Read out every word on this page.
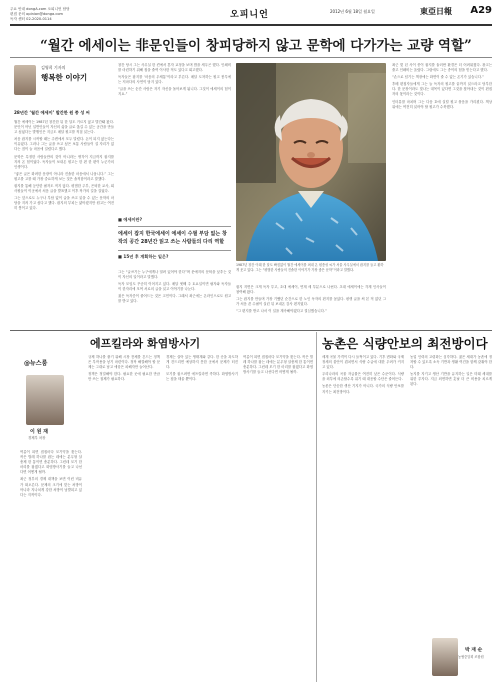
주요 안내 dongA.com 오피니언 담당
편집 문의 opinion@donga.com
독자 센터 02-2020-0114	오피니언	2012년 6월 18일 월요일	東亞日報 A29
“월간 에세이는 非문인들이 창피당하지 않고 문학에 다가가는 교량 역할”
김영희 기자의
행복한 이야기
28년간 ‘월간 에세이’ 발간한 원 종 성 씨

월간 에세이는 1987년 창간한 뒤 한 달도 거르지 않고 발간돼 왔다. 문인이 아닌 일반인들이 자신의 삶을 글로 옮길 수 있는 공간을 만들고 싶었다는 발행인은 지금도 매달 원고를 직접 읽는다.

처음 잡지를 시작할 때는 주변에서 모두 말렸다. 돈이 되지 않는다는 이유였다. 그러나 그는 글을 쓰고 싶은 보통 사람들이 설 자리가 없다는 점이 늘 마음에 걸렸다고 했다.

문학은 특정한 사람들만의 것이 아니라는 생각이 지금까지 잡지를 지켜 온 힘이었다. 독자들이 보내온 원고는 한 편 한 편이 누군가의 인생이다.

“좋은 글은 화려한 문장이 아니라 진솔한 마음에서 나옵니다.” 그는 원고를 고를 때 가장 중요하게 보는 것은 솔직함이라고 말했다.

잡지를 통해 등단한 필자도 적지 않다. 평범한 주부, 은퇴한 교사, 회사원들이 이곳에서 처음 글을 발표했고 이후 작가의 길을 걸었다.

그는 앞으로도 누구나 부담 없이 글을 쓰고 읽을 수 있는 문학의 마당을 지켜 가고 싶다고 했다. 잡지의 부피는 얇아졌지만 원고는 여전히 쌓이고 있다.

창간 당시 그는 사무실 한 켠에서 혼자 교정을 보며 밤을 새우곤 했다. 인쇄비를 마련하기 위해 집을 줄여 이사한 적도 있다고 회고했다.

독자들은 잡지를 ‘마음의 우체통’이라고 부른다. 매달 도착하는 원고 봉투에는 저마다의 사연이 담겨 있다.

“글을 쓰는 순간 사람은 자기 자신을 돌아보게 됩니다. 그것이 에세이의 힘이지요.”

■ 에세이란?
에세이 잡지 한국에세이 에세이 수필 부담 없는 창작의 공간 28년간 읽고 쓰는 사람들의 다리 역할
■ 15년 후 계획하는 일은?

그는 “글쓰기는 누구에게나 열려 있어야 한다”며 문예지의 문턱을 낮추는 것이 자신의 일이라고 말했다.

독자 모임도 꾸준히 이어지고 있다. 매달 셋째 주 토요일이면 필자와 독자들이 한자리에 모여 서로의 글을 읽고 이야기를 나눈다.

젊은 독자층이 줄어드는 것은 고민이다. 그래서 최근에는 온라인으로도 원고를 받고 있다.

1987년 창간 이래 한 달도 빠짐없이 월간 에세이를 펴내 온 원종성 씨가 서울 사무실에서 잡지를 들고 환하게 웃고 있다. 그는 “평범한 사람들의 진솔한 이야기가 가장 좋은 문학”이라고 말했다.

잡지 지면은 크게 독자 투고, 초대 에세이, 연재 세 부분으로 나뉜다. 초대 에세이에는 각계 인사들이 참여해 왔다.

그는 잡지를 만들며 가장 기뻤던 순간으로 한 노인 독자의 편지를 꼽았다. 평생 글을 써 본 적 없던 그가 처음 쓴 수필이 실린 뒤 보내온 감사 편지였다.

“그 편지를 받고 나서 이 일을 계속해야겠다고 결심했습니다.”

최근 몇 년 사이 종이 잡지를 둘러싼 환경은 더 어려워졌다. 광고는 줄고 인쇄비는 올랐다. 그럼에도 그는 종이의 힘을 믿는다고 했다.

“손으로 넘기는 책장에는 화면이 줄 수 없는 온기가 있습니다.”

후배 편집자들에게 그는 늘 독자의 원고를 끝까지 읽으라고 당부한다. 한 문장이라도 빛나는 대목이 있다면 그것을 찾아내는 것이 편집자의 몫이라는 것이다.

인터뷰를 마치며 그는 다음 호에 실릴 원고 묶음을 가리켰다. 책상 위에는 여전히 읽어야 할 원고가 수북했다.

에프킬라와 화염방사기	농촌은 식량안보의 최전방이다
@뉴스룸
이 원 재
경제부 차장

여름이 되면 집집마다 모기약을 찾는다. 작은 벌레 하나를 잡는 데에는 분무형 살충제 한 통이면 충분하다. 그런데 모기 한 마리를 잡겠다고 화염방사기를 들고 나선다면 어떻게 될까.

최근 정부의 경제 대책을 보면 이런 비유가 떠오른다. 문제의 크기에 맞는 처방이 아니라 지나치게 강한 처방이 남발되고 있다는 지적이다.

규제 하나를 풀기 위해 시장 전체를 흔드는 정책은 부작용을 낳기 마련이다. 정작 해결해야 할 문제는 그대로 남고 애꿎은 피해자만 늘어난다.

정책은 정밀해야 한다. 필요한 곳에 필요한 만큼만 쓰는 절제가 필요하다.

경제는 살아 있는 생태계와 같다. 한 곳을 과도하게 건드리면 예상하지 못한 곳에서 문제가 터진다.

모기를 잡으려면 에프킬라면 족하다. 화염방사기는 집을 태울 뿐이다.

여름이 되면 집집마다 모기약을 찾는다. 작은 벌레 하나를 잡는 데에는 분무형 살충제 한 통이면 충분하다. 그런데 모기 한 마리를 잡겠다고 화염방사기를 들고 나선다면 어떻게 될까.

세계 곡물 가격이 다시 들썩이고 있다. 기후 변화와 국제 정세의 불안이 겹치면서 식량 수급에 대한 우려가 커지고 있다.

우리나라의 곡물 자급률은 여전히 낮은 수준이다. 식량을 외부에 의존할수록 위기 때 대응할 수단은 줄어든다.

농촌은 단순한 생산 기지가 아니다. 국가의 식량 안보를 지키는 최전방이다.

농업 인력의 고령화는 심각하다. 젊은 세대가 농촌에 정착할 수 있도록 소득 기반과 생활 여건을 함께 갖춰야 한다.

농지를 지키고 생산 기반을 유지하는 일은 미래 세대를 위한 투자다. 지금 외면하면 훗날 더 큰 비용을 치르게 된다.

박 재 순
농협중앙회 조합원
